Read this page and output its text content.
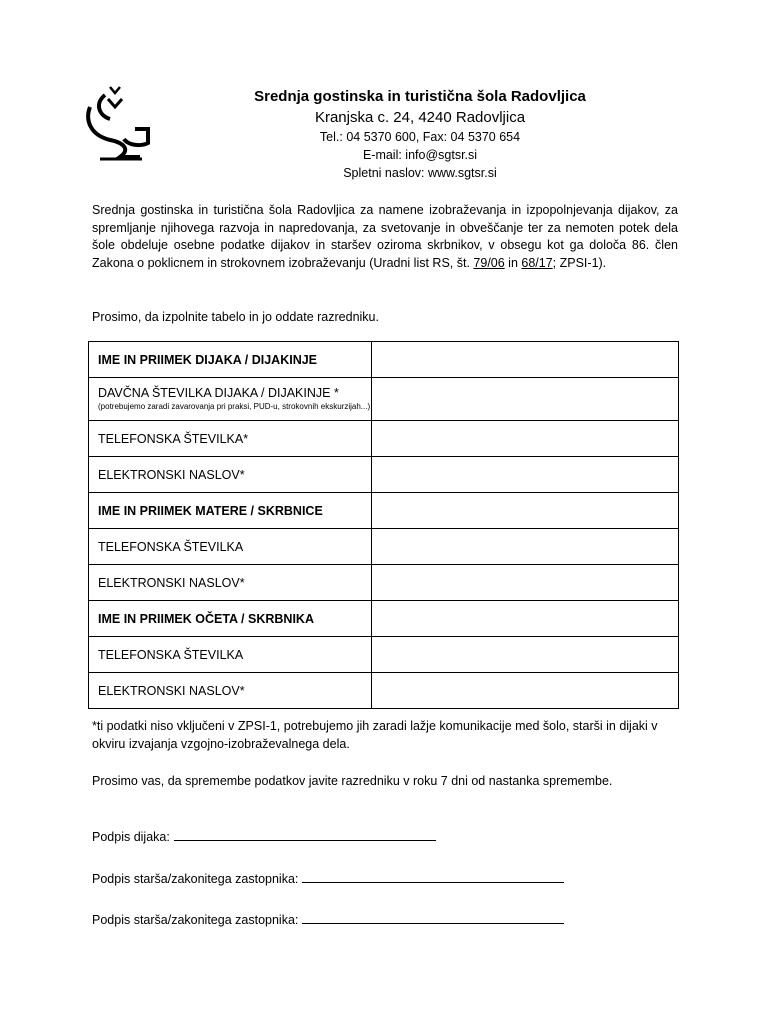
Srednja gostinska in turistična šola Radovljica
Kranjska c. 24, 4240 Radovljica
Tel.: 04 5370 600, Fax: 04 5370 654
E-mail: info@sgtsr.si
Spletni naslov: www.sgtsr.si
Srednja gostinska in turistična šola Radovljica za namene izobraževanja in izpopolnjevanja dijakov, za spremljanje njihovega razvoja in napredovanja, za svetovanje in obveščanje ter za nemoten potek dela šole obdeluje osebne podatke dijakov in staršev oziroma skrbnikov, v obsegu kot ga določa 86. člen Zakona o poklicnem in strokovnem izobraževanju (Uradni list RS, št. 79/06 in 68/17; ZPSI-1).
Prosimo, da izpolnite tabelo in jo oddate razredniku.
IME IN PRIIMEK DIJAKA / DIJAKINJE	
DAVČNA ŠTEVILKA DIJAKA / DIJAKINJE *
(potrebujemo zaradi zavarovanja pri praksi, PUD-u, strokovnih ekskurzijah...)	

TELEFONSKA ŠTEVILKA*	
ELEKTRONSKI NASLOV*	
IME IN PRIIMEK MATERE / SKRBNICE	
TELEFONSKA ŠTEVILKA	
ELEKTRONSKI NASLOV*	
IME IN PRIIMEK OČETA / SKRBNIKA	
TELEFONSKA ŠTEVILKA	
ELEKTRONSKI NASLOV*	
*ti podatki niso vključeni v ZPSI-1, potrebujemo jih zaradi lažje komunikacije med šolo, starši in dijaki v okviru izvajanja vzgojno-izobraževalnega dela.
Prosimo vas, da spremembe podatkov javite razredniku v roku 7 dni od nastanka spremembe.
Podpis dijaka:
Podpis starša/zakonitega zastopnika:
Podpis starša/zakonitega zastopnika:
